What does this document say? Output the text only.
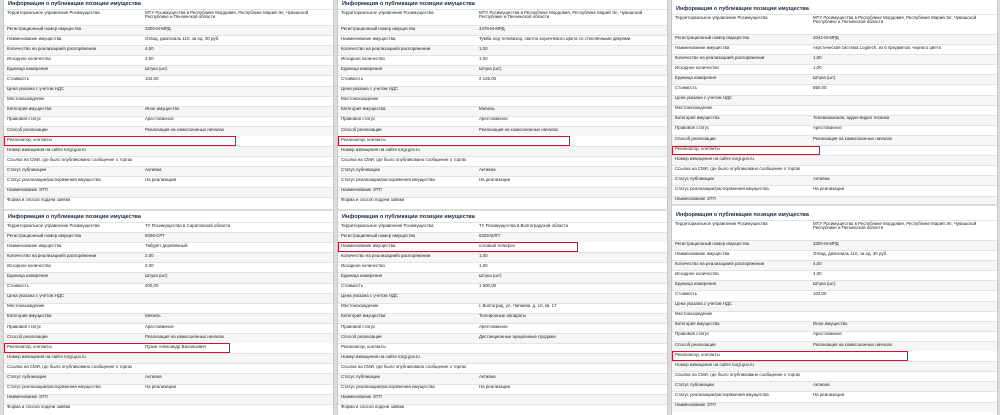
Информация о публикации позиции имущества
Территориальное управление Росимущества	МТУ Росимущества в Республике Мордовия, Республике Марий Эл, Чувашской Республике и Пензенской области
Регистрационный номер имущества	3300-М-МРД
Наименование имущества	Отвод, диагональ 110, за ед. 30 руб.
Количество на реализации/в распоряжении	4,00
Исходное количество	4,00
Единица измерения	Штука (шт)
Стоимость	102,00
Цена указана с учетом НДС
Местонахождение
Категория имущества	Иное имущество
Правовой статус	Арестованное
Способ реализации	Реализация на комиссионных началах
Реализатор, контакты
Номер извещения на сайте torgi.gov.ru
Ссылка на СМИ, где было опубликовано сообщение о торгах
Статус публикации	Активна
Статус реализации/распоряжения имущества	На реализации
Наименование ЭТП
Форма и способ подачи заявки
Информация о публикации позиции имущества
Территориальное управление Росимущества	МТУ Росимущества в Республике Мордовия, Республике Марий Эл, Чувашской Республике и Пензенской области
Регистрационный номер имущества	3478-М-МРД
Наименование имущества	Тумба под телевизор, светло-коричневого цвета со стеклянными дверями
Количество на реализации/в распоряжении	1,00
Исходное количество	1,00
Единица измерения	Штука (шт)
Стоимость	2 125,00
Цена указана с учетом НДС
Местонахождение
Категория имущества	Мебель
Правовой статус	Арестованное
Способ реализации	Реализация на комиссионных началах
Реализатор, контакты
Номер извещения на сайте torgi.gov.ru
Ссылка на СМИ, где было опубликовано сообщение о торгах
Статус публикации	Активна
Статус реализации/распоряжения имущества	На реализации
Наименование ЭТП
Форма и способ подачи заявки
Информация о публикации позиции имущества
Территориальное управление Росимущества	МТУ Росимущества в Республике Мордовия, Республике Марий Эл, Чувашской Республике и Пензенской области
Регистрационный номер имущества	2042-М-МРД
Наименование имущества	Акустическая система Logitech, из 6 предметов, черного цвета
Количество на реализации/в распоряжении	1,00
Исходное количество	1,00
Единица измерения	Штука (шт)
Стоимость	850,00
Цена указана с учетом НДС
Местонахождение
Категория имущества	Телевизионная, аудио-видео техника
Правовой статус	Арестованное
Способ реализации	Реализация на комиссионных началах
Реализатор, контакты
Номер извещения на сайте torgi.gov.ru
Ссылка на СМИ, где было опубликовано сообщение о торгах
Статус публикации	Активна
Статус реализации/распоряжения имущества	На реализации
Наименование ЭТП
Информация о публикации позиции имущества
Территориальное управление Росимущества	ТУ Росимущества в Саратовской области
Регистрационный номер имущества	9008-СРТ
Наименование имущества	Табурет деревянный
Количество на реализации/в распоряжении	2,00
Исходное количество	2,00
Единица измерения	Штука (шт)
Стоимость	400,00
Цена указана с учетом НДС
Местонахождение
Категория имущества	Мебель
Правовой статус	Арестованное
Способ реализации	Реализация на комиссионных началах
Реализатор, контакты	Пузин Александр Васильевич
Номер извещения на сайте torgi.gov.ru
Ссылка на СМИ, где было опубликовано сообщение о торгах
Статус публикации	Активна
Статус реализации/распоряжения имущества	На реализации
Наименование ЭТП
Форма и способ подачи заявки
Информация о публикации позиции имущества
Территориальное управление Росимущества	ТУ Росимущества в Волгоградской области
Регистрационный номер имущества	6328-ВЛГГ
Наименование имущества	сотовый телефон
Количество на реализации/в распоряжении	1,00
Исходное количество	1,00
Единица измерения	Штука (шт)
Стоимость	1 500,00
Цена указана с учетом НДС
Местонахождение	г. Волгоград, ул. Чапаева, д. 10, кв. 17
Категория имущества	Телефонные аппараты
Правовой статус	Арестованное
Способ реализации	Дистанционные аукционные продажи
Реализатор, контакты
Номер извещения на сайте torgi.gov.ru
Ссылка на СМИ, где было опубликовано сообщение о торгах
Статус публикации	Активна
Статус реализации/распоряжения имущества	На реализации
Наименование ЭТП
Форма и способ подачи заявки
Информация о публикации позиции имущества
Территориальное управление Росимущества	МТУ Росимущества в Республике Мордовия, Республике Марий Эл, Чувашской Республике и Пензенской области
Регистрационный номер имущества	3300-М-МРД
Наименование имущества	Отвод, диагональ 110, за ед. 30 руб.
Количество на реализации/в распоряжении	4,00
Исходное количество	4,00
Единица измерения	Штука (шт)
Стоимость	102,00
Цена указана с учетом НДС
Местонахождение
Категория имущества	Иное имущество
Правовой статус	Арестованное
Способ реализации	Реализация на комиссионных началах
Реализатор, контакты
Номер извещения на сайте torgi.gov.ru
Ссылка на СМИ, где было опубликовано сообщение о торгах
Статус публикации	Активна
Статус реализации/распоряжения имущества	На реализации
Наименование ЭТП
